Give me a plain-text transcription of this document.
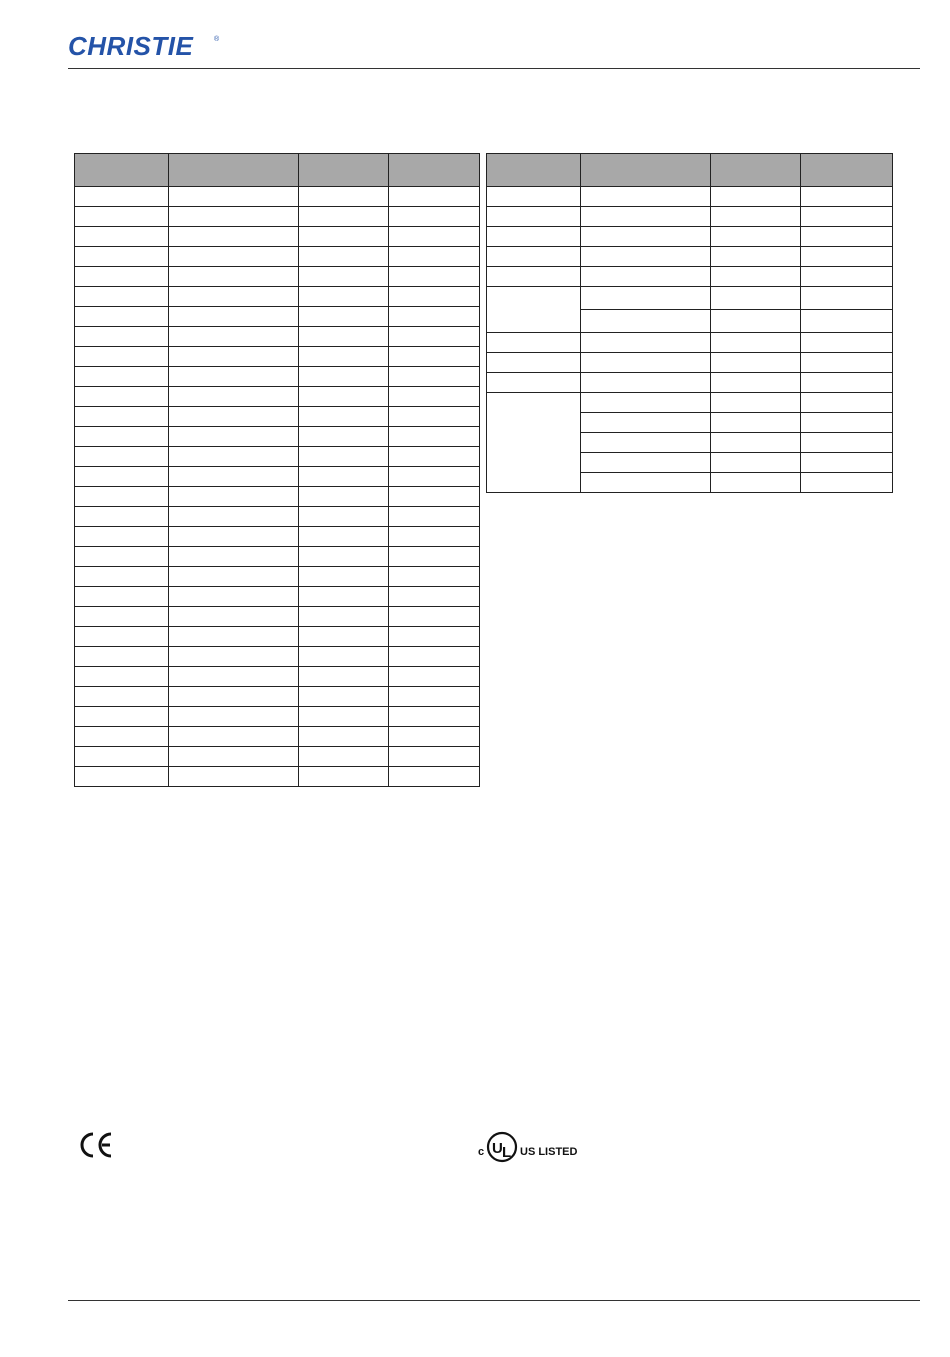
CHRISTIE	®

c U L US LISTED
